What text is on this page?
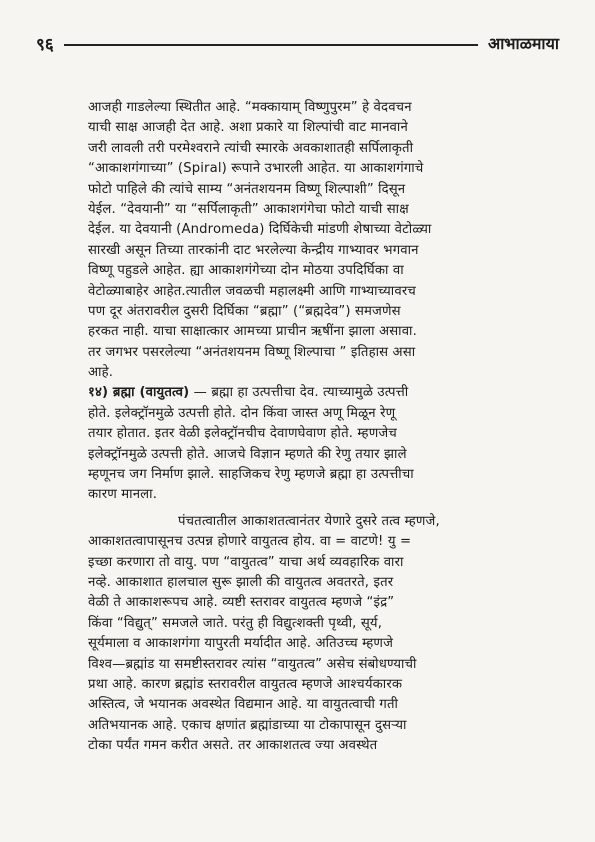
९६	आभाळमाया
आजही गाडलेल्या स्थितीत आहे. “मक्कायाम् विष्णुपुरम” हे वेदवचन
याची साक्ष आजही देत आहे. अशा प्रकारे या शिल्पांची वाट मानवाने
जरी लावली तरी परमेश्वराने त्यांची स्मारके अवकाशातही सर्पिलाकृती
“आकाशगंगाच्या” (Spiral) रूपाने उभारली आहेत. या आकाशगंगाचे
फोटो पाहिले की त्यांचे साम्य “अनंतशयनम विष्णू शिल्पाशी” दिसून
येईल. “देवयानी” या “सर्पिलाकृती” आकाशगंगेचा फोटो याची साक्ष
देईल. या देवयानी (Andromeda) दिर्घिकेची मांडणी शेषाच्या वेटोळ्या
सारखी असून तिच्या तारकांनी दाट भरलेल्या केन्द्रीय गाभ्यावर भगवान
विष्णू पहुडले आहेत. ह्या आकाशगंगेच्या दोन मोठया उपदिर्घिका वा
वेटोळ्याबाहेर आहेत.त्यातील जवळची महालक्ष्मी आणि गाभ्याच्यावरच
पण दूर अंतरावरील दुसरी दिर्घिका “ब्रह्मा” (“ब्रह्मदेव”) समजणेस
हरकत नाही. याचा साक्षात्कार आमच्या प्राचीन ऋषींना झाला असावा.
तर जगभर पसरलेल्या “अनंतशयनम विष्णू शिल्पाचा ” इतिहास असा
आहे.
१४) ब्रह्मा (वायुतत्व) — ब्रह्मा हा उत्पत्तीचा देव. त्याच्यामुळे उत्पत्ती
होते. इलेक्ट्रॉनमुळे उत्पत्ती होते. दोन किंवा जास्त अणू मिळून रेणू
तयार होतात. इतर वेळी इलेक्ट्रॉनचीच देवाणघेवाण होते. म्हणजेच
इलेक्ट्रॉनमुळे उत्पत्ती होते. आजचे विज्ञान म्हणते की रेणु तयार झाले
म्हणूनच जग निर्माण झाले. साहजिकच रेणु म्हणजे ब्रह्मा हा उत्पत्तीचा
कारण मानला.
पंचतत्वातील आकाशतत्वानंतर येणारे दुसरे तत्व म्हणजे,
आकाशतत्वापासूनच उत्पन्न होणारे वायुतत्व होय. वा = वाटणे! यु =
इच्छा करणारा तो वायु. पण “वायुतत्व” याचा अर्थ व्यवहारिक वारा
नव्हे. आकाशात हालचाल सुरू झाली की वायुतत्व अवतरते, इतर
वेळी ते आकाशरूपच आहे. व्यष्टी स्तरावर वायुतत्व म्हणजे “इंद्र”
किंवा “विद्युत्” समजले जाते. परंतु ही विद्युत्शक्ती पृथ्वी, सूर्य,
सूर्यमाला व आकाशगंगा यापुरती मर्यादीत आहे. अतिउच्च म्हणजे
विश्व—ब्रह्मांड या समष्टीस्तरावर त्यांस “वायुतत्व” असेच संबोधण्याची
प्रथा आहे. कारण ब्रह्मांड स्तरावरील वायुतत्व म्हणजे आश्चर्यकारक
अस्तित्व, जे भयानक अवस्थेत विद्यमान आहे. या वायुतत्वाची गती
अतिभयानक आहे. एकाच क्षणांत ब्रह्मांडाच्या या टोकापासून दुसऱ्या
टोका पर्यंत गमन करीत असते. तर आकाशतत्व ज्या अवस्थेत
